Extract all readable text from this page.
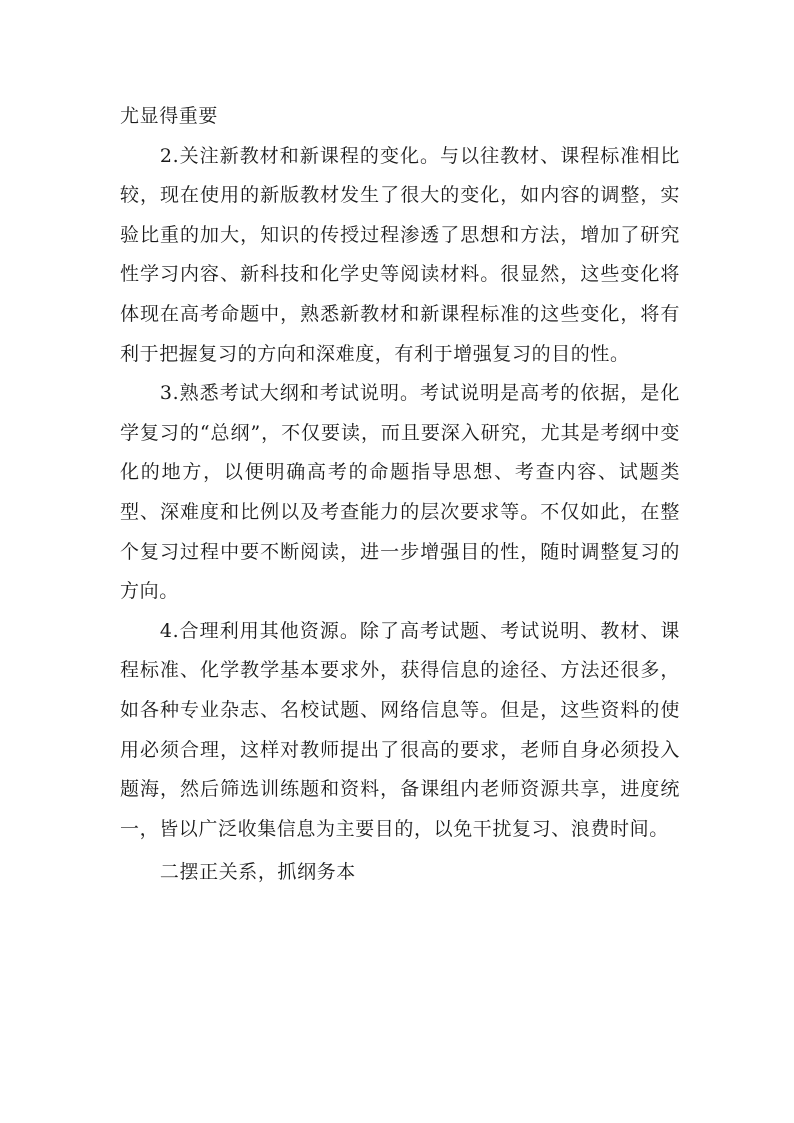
尤显得重要

2.关注新教材和新课程的变化。与以往教材、课程标准相比较，现在使用的新版教材发生了很大的变化，如内容的调整，实验比重的加大，知识的传授过程渗透了思想和方法，增加了研究性学习内容、新科技和化学史等阅读材料。很显然，这些变化将体现在高考命题中，熟悉新教材和新课程标准的这些变化，将有利于把握复习的方向和深难度，有利于增强复习的目的性。

3.熟悉考试大纲和考试说明。考试说明是高考的依据，是化学复习的“总纲”，不仅要读，而且要深入研究，尤其是考纲中变化的地方，以便明确高考的命题指导思想、考查内容、试题类型、深难度和比例以及考查能力的层次要求等。不仅如此，在整个复习过程中要不断阅读，进一步增强目的性，随时调整复习的方向。

4.合理利用其他资源。除了高考试题、考试说明、教材、课程标准、化学教学基本要求外，获得信息的途径、方法还很多，如各种专业杂志、名校试题、网络信息等。但是，这些资料的使用必须合理，这样对教师提出了很高的要求，老师自身必须投入题海，然后筛选训练题和资料，备课组内老师资源共享，进度统一，皆以广泛收集信息为主要目的，以免干扰复习、浪费时间。

二摆正关系，抓纲务本
